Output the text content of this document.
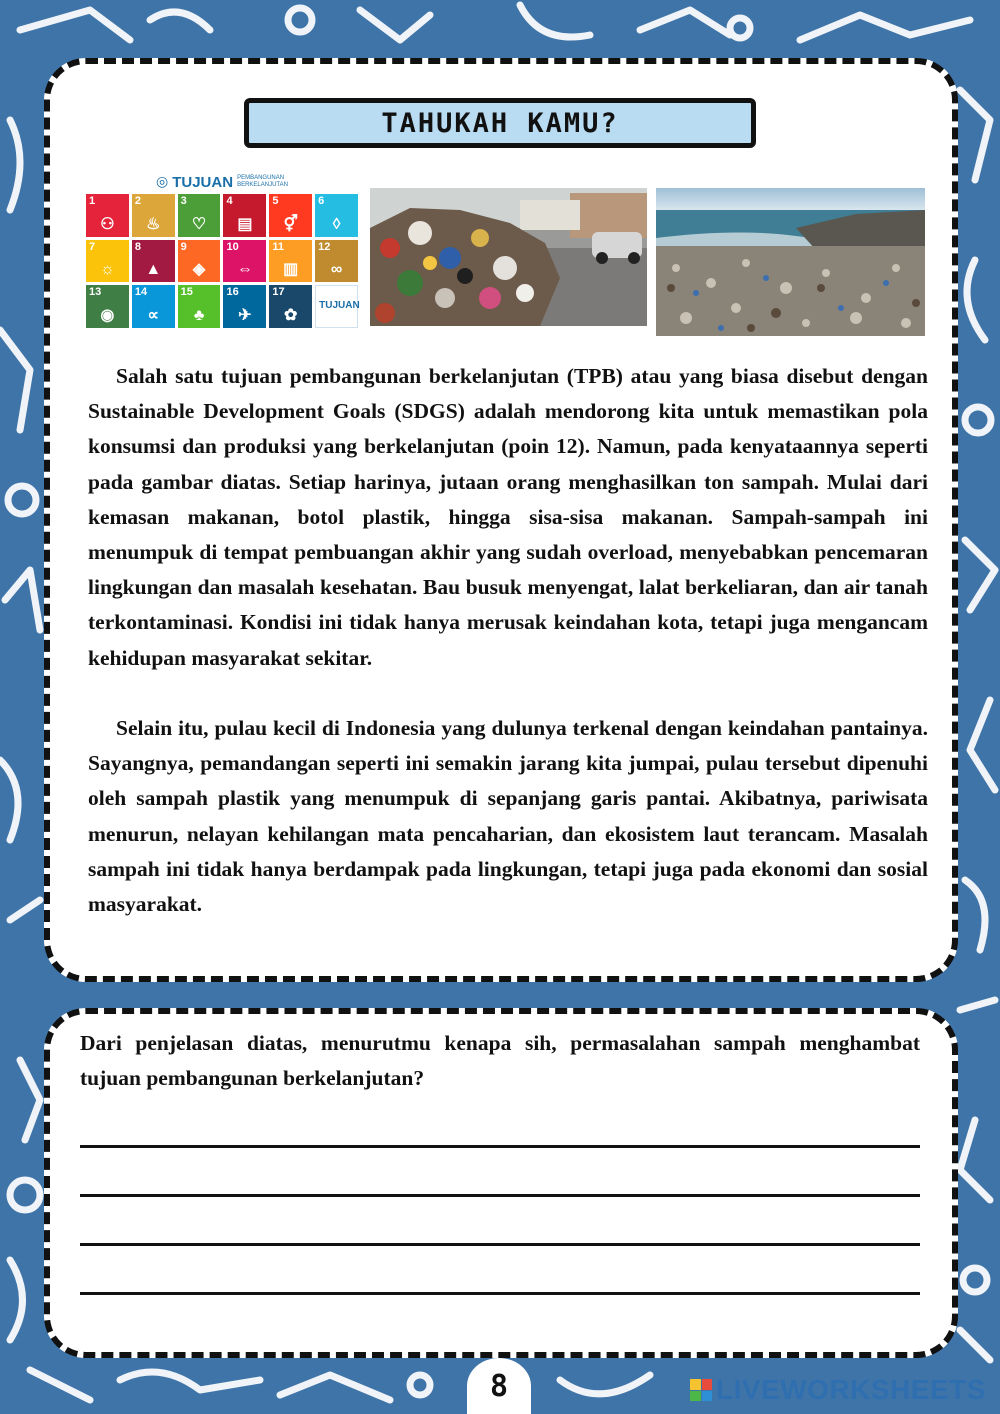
TAHUKAH KAMU?
◎ TUJUAN PEMBANGUNAN BERKELANJUTAN
1
⚇
2
♨
3
♡
4
▤
5
⚥
6
◊
7
☼
8
▲
9
◈
10
⇔
11
▥
12
∞
13
◉
14
∝
15
♣
16
✈
17
✿
TUJUAN

Salah satu tujuan pembangunan berkelanjutan (TPB) atau yang biasa disebut dengan Sustainable Development Goals (SDGS) adalah mendorong kita untuk memastikan pola konsumsi dan produksi yang berkelanjutan (poin 12). Namun, pada kenyataannya seperti pada gambar diatas. Setiap harinya, jutaan orang menghasilkan ton sampah. Mulai dari kemasan makanan, botol plastik, hingga sisa-sisa makanan. Sampah-sampah ini menumpuk di tempat pembuangan akhir yang sudah overload, menyebabkan pencemaran lingkungan dan masalah kesehatan. Bau busuk menyengat, lalat berkeliaran, dan air tanah terkontaminasi. Kondisi ini tidak hanya merusak keindahan kota, tetapi juga mengancam kehidupan masyarakat sekitar.

Selain itu, pulau kecil di Indonesia yang dulunya terkenal dengan keindahan pantainya. Sayangnya, pemandangan seperti ini semakin jarang kita jumpai, pulau tersebut dipenuhi oleh sampah plastik yang menumpuk di sepanjang garis pantai. Akibatnya, pariwisata menurun, nelayan kehilangan mata pencaharian, dan ekosistem laut terancam. Masalah sampah ini tidak hanya berdampak pada lingkungan, tetapi juga pada ekonomi dan sosial masyarakat.

Dari penjelasan diatas, menurutmu kenapa sih, permasalahan sampah menghambat tujuan pembangunan berkelanjutan?

8	LIVEWORKSHEETS
